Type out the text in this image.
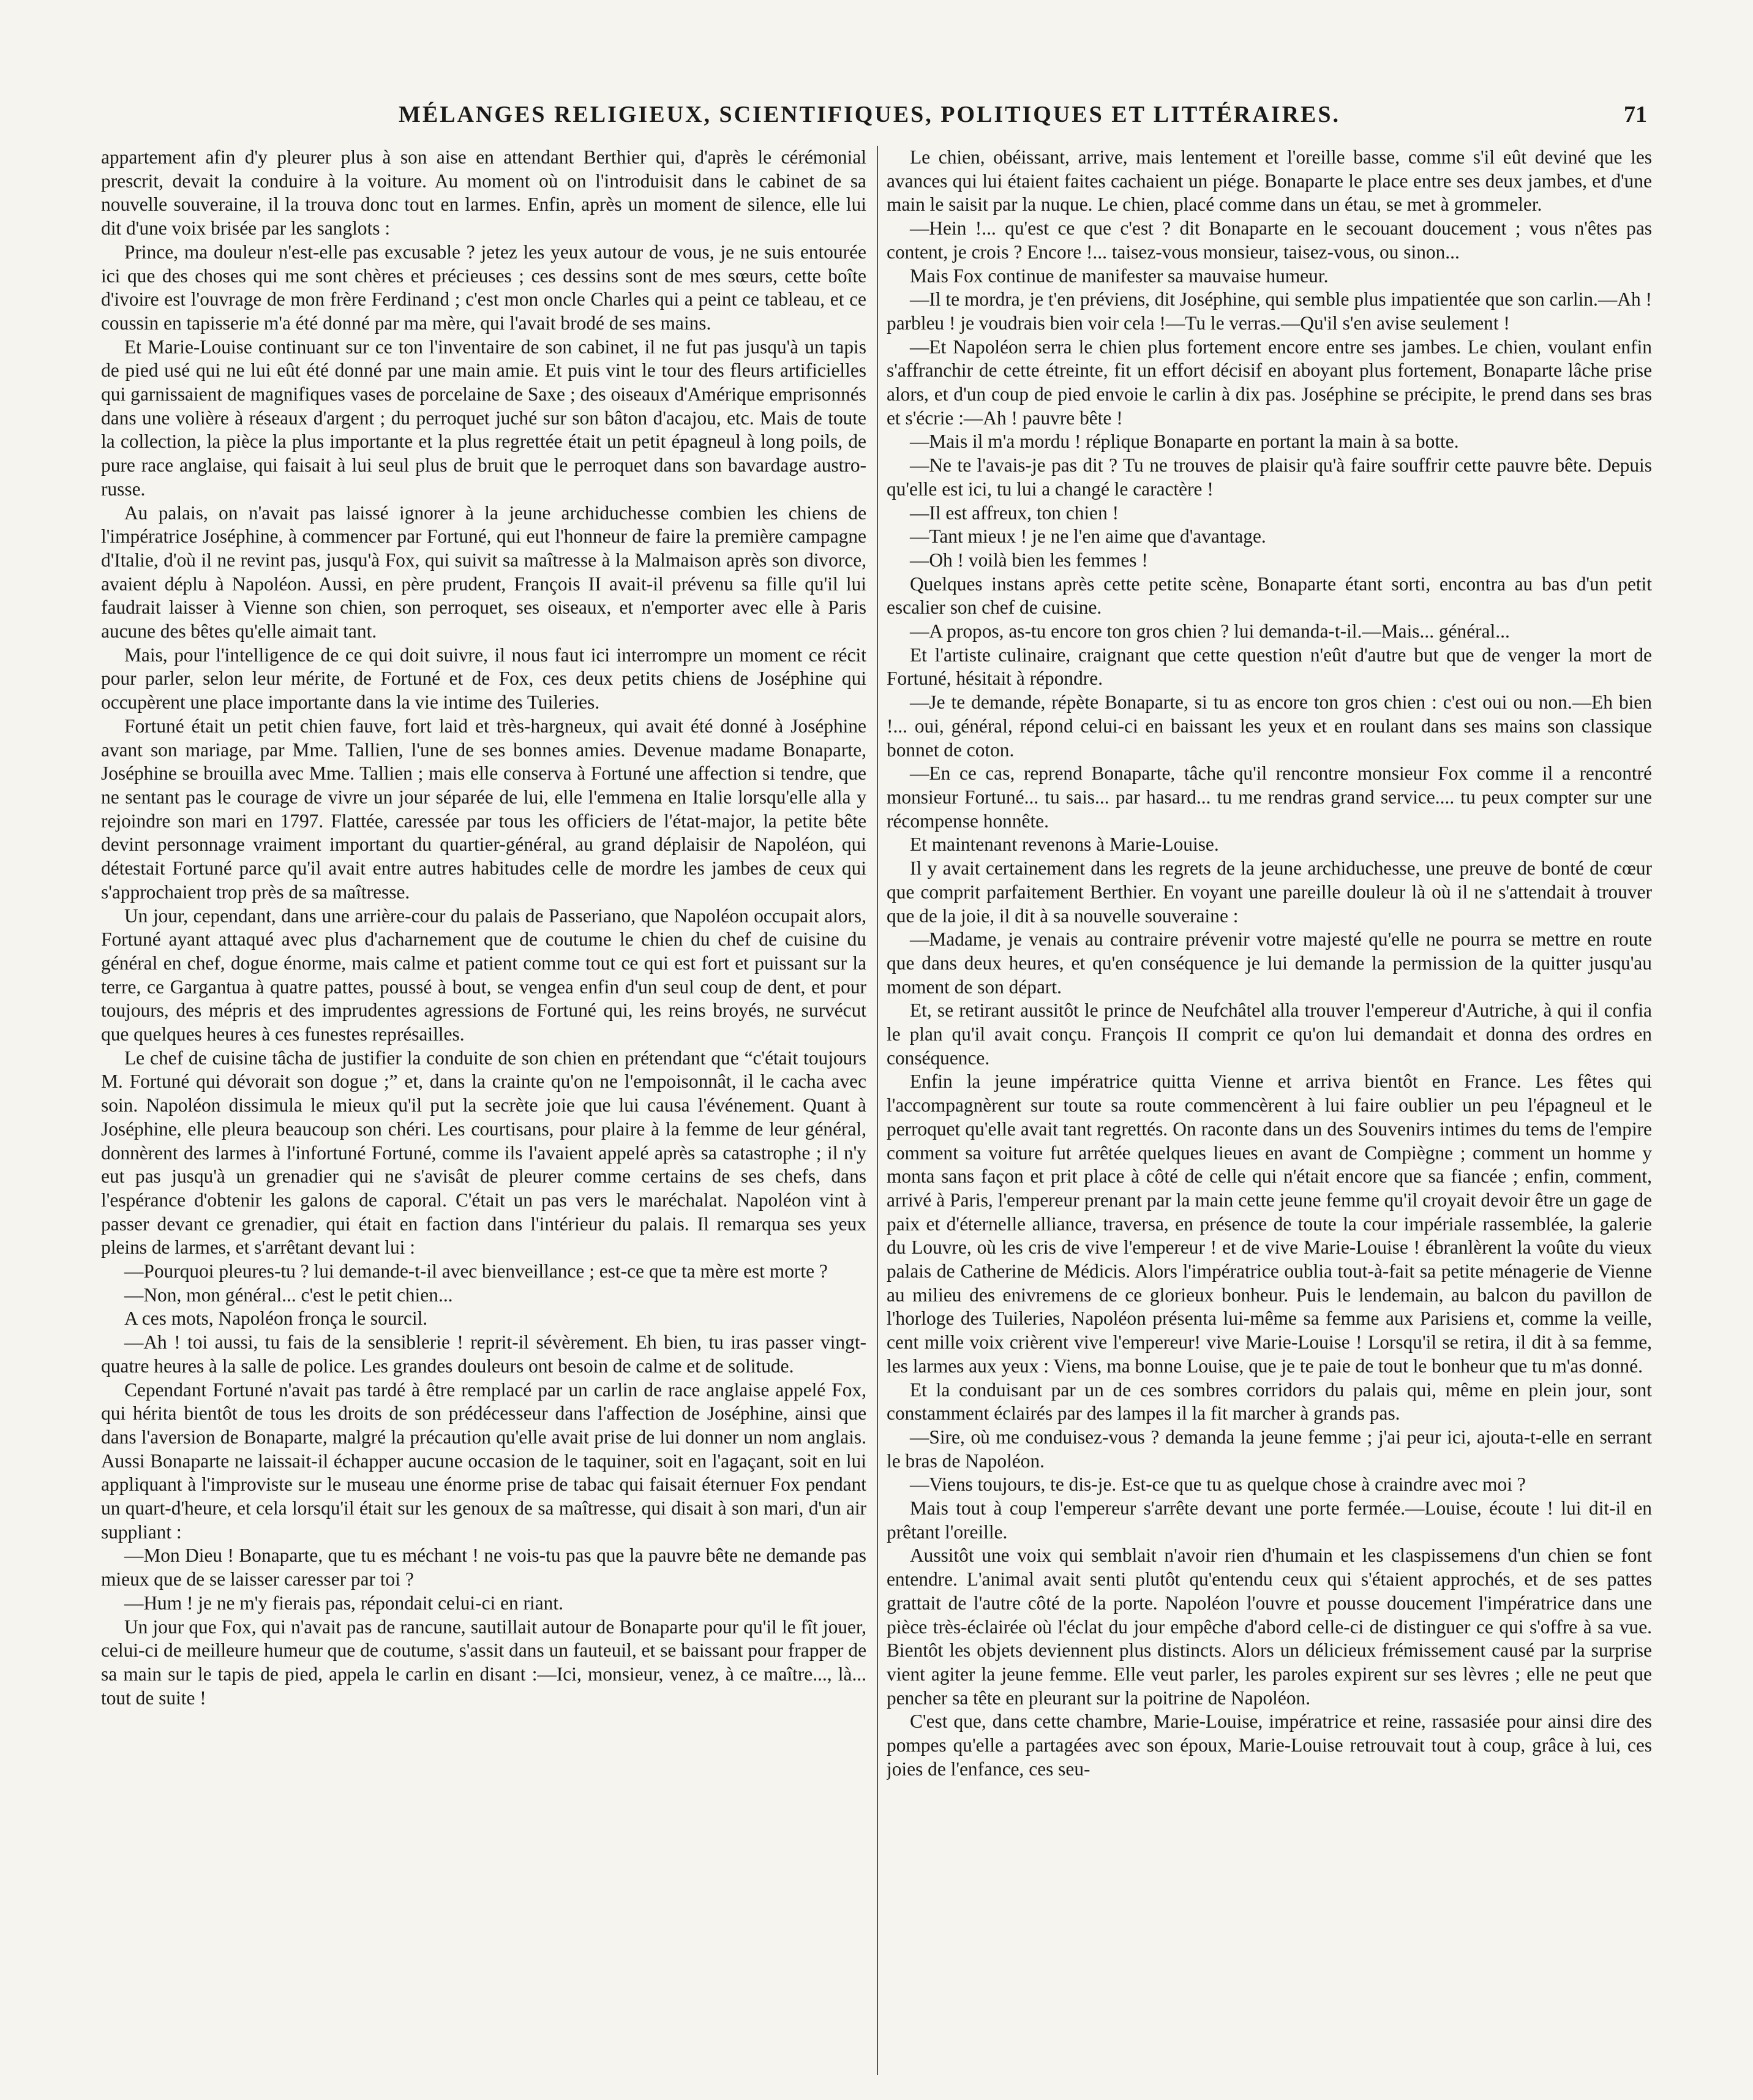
MÉLANGES RELIGIEUX, SCIENTIFIQUES, POLITIQUES ET LITTÉRAIRES.	71

appartement afin d'y pleurer plus à son aise en attendant Berthier qui, d'après le cérémonial prescrit, devait la conduire à la voiture. Au moment où on l'introduisit dans le cabinet de sa nouvelle souveraine, il la trouva donc tout en larmes. Enfin, après un moment de silence, elle lui dit d'une voix brisée par les sanglots :

Prince, ma douleur n'est-elle pas excusable ? jetez les yeux autour de vous, je ne suis entourée ici que des choses qui me sont chères et précieuses ; ces dessins sont de mes sœurs, cette boîte d'ivoire est l'ouvrage de mon frère Ferdinand ; c'est mon oncle Charles qui a peint ce tableau, et ce coussin en tapisserie m'a été donné par ma mère, qui l'avait brodé de ses mains.

Et Marie-Louise continuant sur ce ton l'inventaire de son cabinet, il ne fut pas jusqu'à un tapis de pied usé qui ne lui eût été donné par une main amie. Et puis vint le tour des fleurs artificielles qui garnissaient de magnifiques vases de porcelaine de Saxe ; des oiseaux d'Amérique emprisonnés dans une volière à réseaux d'argent ; du perroquet juché sur son bâton d'acajou, etc. Mais de toute la collection, la pièce la plus importante et la plus regrettée était un petit épagneul à long poils, de pure race anglaise, qui faisait à lui seul plus de bruit que le perroquet dans son bavardage austro-russe.

Au palais, on n'avait pas laissé ignorer à la jeune archiduchesse combien les chiens de l'impératrice Joséphine, à commencer par Fortuné, qui eut l'honneur de faire la première campagne d'Italie, d'où il ne revint pas, jusqu'à Fox, qui suivit sa maîtresse à la Malmaison après son divorce, avaient déplu à Napoléon. Aussi, en père prudent, François II avait-il prévenu sa fille qu'il lui faudrait laisser à Vienne son chien, son perroquet, ses oiseaux, et n'emporter avec elle à Paris aucune des bêtes qu'elle aimait tant.

Mais, pour l'intelligence de ce qui doit suivre, il nous faut ici interrompre un moment ce récit pour parler, selon leur mérite, de Fortuné et de Fox, ces deux petits chiens de Joséphine qui occupèrent une place importante dans la vie intime des Tuileries.

Fortuné était un petit chien fauve, fort laid et très-hargneux, qui avait été donné à Joséphine avant son mariage, par Mme. Tallien, l'une de ses bonnes amies. Devenue madame Bonaparte, Joséphine se brouilla avec Mme. Tallien ; mais elle conserva à Fortuné une affection si tendre, que ne sentant pas le courage de vivre un jour séparée de lui, elle l'emmena en Italie lorsqu'elle alla y rejoindre son mari en 1797. Flattée, caressée par tous les officiers de l'état-major, la petite bête devint personnage vraiment important du quartier-général, au grand déplaisir de Napoléon, qui détestait Fortuné parce qu'il avait entre autres habitudes celle de mordre les jambes de ceux qui s'approchaient trop près de sa maîtresse.

Un jour, cependant, dans une arrière-cour du palais de Passeriano, que Napoléon occupait alors, Fortuné ayant attaqué avec plus d'acharnement que de coutume le chien du chef de cuisine du général en chef, dogue énorme, mais calme et patient comme tout ce qui est fort et puissant sur la terre, ce Gargantua à quatre pattes, poussé à bout, se vengea enfin d'un seul coup de dent, et pour toujours, des mépris et des imprudentes agressions de Fortuné qui, les reins broyés, ne survécut que quelques heures à ces funestes représailles.

Le chef de cuisine tâcha de justifier la conduite de son chien en prétendant que “c'était toujours M. Fortuné qui dévorait son dogue ;” et, dans la crainte qu'on ne l'empoisonnât, il le cacha avec soin. Napoléon dissimula le mieux qu'il put la secrète joie que lui causa l'événement. Quant à Joséphine, elle pleura beaucoup son chéri. Les courtisans, pour plaire à la femme de leur général, donnèrent des larmes à l'infortuné Fortuné, comme ils l'avaient appelé après sa catastrophe ; il n'y eut pas jusqu'à un grenadier qui ne s'avisât de pleurer comme certains de ses chefs, dans l'espérance d'obtenir les galons de caporal. C'était un pas vers le maréchalat. Napoléon vint à passer devant ce grenadier, qui était en faction dans l'intérieur du palais. Il remarqua ses yeux pleins de larmes, et s'arrêtant devant lui :

—Pourquoi pleures-tu ? lui demande-t-il avec bienveillance ; est-ce que ta mère est morte ?

—Non, mon général... c'est le petit chien...

A ces mots, Napoléon fronça le sourcil.

—Ah ! toi aussi, tu fais de la sensiblerie ! reprit-il sévèrement. Eh bien, tu iras passer vingt-quatre heures à la salle de police. Les grandes douleurs ont besoin de calme et de solitude.

Cependant Fortuné n'avait pas tardé à être remplacé par un carlin de race anglaise appelé Fox, qui hérita bientôt de tous les droits de son prédécesseur dans l'affection de Joséphine, ainsi que dans l'aversion de Bonaparte, malgré la précaution qu'elle avait prise de lui donner un nom anglais. Aussi Bonaparte ne laissait-il échapper aucune occasion de le taquiner, soit en l'agaçant, soit en lui appliquant à l'improviste sur le museau une énorme prise de tabac qui faisait éternuer Fox pendant un quart-d'heure, et cela lorsqu'il était sur les genoux de sa maîtresse, qui disait à son mari, d'un air suppliant :

—Mon Dieu ! Bonaparte, que tu es méchant ! ne vois-tu pas que la pauvre bête ne demande pas mieux que de se laisser caresser par toi ?

—Hum ! je ne m'y fierais pas, répondait celui-ci en riant.

Un jour que Fox, qui n'avait pas de rancune, sautillait autour de Bonaparte pour qu'il le fît jouer, celui-ci de meilleure humeur que de coutume, s'assit dans un fauteuil, et se baissant pour frapper de sa main sur le tapis de pied, appela le carlin en disant :—Ici, monsieur, venez, à ce maître..., là... tout de suite !

Le chien, obéissant, arrive, mais lentement et l'oreille basse, comme s'il eût deviné que les avances qui lui étaient faites cachaient un piége. Bonaparte le place entre ses deux jambes, et d'une main le saisit par la nuque. Le chien, placé comme dans un étau, se met à grommeler.

—Hein !... qu'est ce que c'est ? dit Bonaparte en le secouant doucement ; vous n'êtes pas content, je crois ? Encore !... taisez-vous monsieur, taisez-vous, ou sinon...

Mais Fox continue de manifester sa mauvaise humeur.

—Il te mordra, je t'en préviens, dit Joséphine, qui semble plus impatientée que son carlin.—Ah ! parbleu ! je voudrais bien voir cela !—Tu le verras.—Qu'il s'en avise seulement !

—Et Napoléon serra le chien plus fortement encore entre ses jambes. Le chien, voulant enfin s'affranchir de cette étreinte, fit un effort décisif en aboyant plus fortement, Bonaparte lâche prise alors, et d'un coup de pied envoie le carlin à dix pas. Joséphine se précipite, le prend dans ses bras et s'écrie :—Ah ! pauvre bête !

—Mais il m'a mordu ! réplique Bonaparte en portant la main à sa botte.

—Ne te l'avais-je pas dit ? Tu ne trouves de plaisir qu'à faire souffrir cette pauvre bête. Depuis qu'elle est ici, tu lui a changé le caractère !

—Il est affreux, ton chien !

—Tant mieux ! je ne l'en aime que d'avantage.

—Oh ! voilà bien les femmes !

Quelques instans après cette petite scène, Bonaparte étant sorti, encontra au bas d'un petit escalier son chef de cuisine.

—A propos, as-tu encore ton gros chien ? lui demanda-t-il.—Mais... général...

Et l'artiste culinaire, craignant que cette question n'eût d'autre but que de venger la mort de Fortuné, hésitait à répondre.

—Je te demande, répète Bonaparte, si tu as encore ton gros chien : c'est oui ou non.—Eh bien !... oui, général, répond celui-ci en baissant les yeux et en roulant dans ses mains son classique bonnet de coton.

—En ce cas, reprend Bonaparte, tâche qu'il rencontre monsieur Fox comme il a rencontré monsieur Fortuné... tu sais... par hasard... tu me rendras grand service.... tu peux compter sur une récompense honnête.

Et maintenant revenons à Marie-Louise.

Il y avait certainement dans les regrets de la jeune archiduchesse, une preuve de bonté de cœur que comprit parfaitement Berthier. En voyant une pareille douleur là où il ne s'attendait à trouver que de la joie, il dit à sa nouvelle souveraine :

—Madame, je venais au contraire prévenir votre majesté qu'elle ne pourra se mettre en route que dans deux heures, et qu'en conséquence je lui demande la permission de la quitter jusqu'au moment de son départ.

Et, se retirant aussitôt le prince de Neufchâtel alla trouver l'empereur d'Autriche, à qui il confia le plan qu'il avait conçu. François II comprit ce qu'on lui demandait et donna des ordres en conséquence.

Enfin la jeune impératrice quitta Vienne et arriva bientôt en France. Les fêtes qui l'accompagnèrent sur toute sa route commencèrent à lui faire oublier un peu l'épagneul et le perroquet qu'elle avait tant regrettés. On raconte dans un des Souvenirs intimes du tems de l'empire comment sa voiture fut arrêtée quelques lieues en avant de Compiègne ; comment un homme y monta sans façon et prit place à côté de celle qui n'était encore que sa fiancée ; enfin, comment, arrivé à Paris, l'empereur prenant par la main cette jeune femme qu'il croyait devoir être un gage de paix et d'éternelle alliance, traversa, en présence de toute la cour impériale rassemblée, la galerie du Louvre, où les cris de vive l'empereur ! et de vive Marie-Louise ! ébranlèrent la voûte du vieux palais de Catherine de Médicis. Alors l'impératrice oublia tout-à-fait sa petite ménagerie de Vienne au milieu des enivremens de ce glorieux bonheur. Puis le lendemain, au balcon du pavillon de l'horloge des Tuileries, Napoléon présenta lui-même sa femme aux Parisiens et, comme la veille, cent mille voix crièrent vive l'empereur! vive Marie-Louise ! Lorsqu'il se retira, il dit à sa femme, les larmes aux yeux : Viens, ma bonne Louise, que je te paie de tout le bonheur que tu m'as donné.

Et la conduisant par un de ces sombres corridors du palais qui, même en plein jour, sont constamment éclairés par des lampes il la fit marcher à grands pas.

—Sire, où me conduisez-vous ? demanda la jeune femme ; j'ai peur ici, ajouta-t-elle en serrant le bras de Napoléon.

—Viens toujours, te dis-je. Est-ce que tu as quelque chose à craindre avec moi ?

Mais tout à coup l'empereur s'arrête devant une porte fermée.—Louise, écoute ! lui dit-il en prêtant l'oreille.

Aussitôt une voix qui semblait n'avoir rien d'humain et les claspissemens d'un chien se font entendre. L'animal avait senti plutôt qu'entendu ceux qui s'étaient approchés, et de ses pattes grattait de l'autre côté de la porte. Napoléon l'ouvre et pousse doucement l'impératrice dans une pièce très-éclairée où l'éclat du jour empêche d'abord celle-ci de distinguer ce qui s'offre à sa vue. Bientôt les objets deviennent plus distincts. Alors un délicieux frémissement causé par la surprise vient agiter la jeune femme. Elle veut parler, les paroles expirent sur ses lèvres ; elle ne peut que pencher sa tête en pleurant sur la poitrine de Napoléon.

C'est que, dans cette chambre, Marie-Louise, impératrice et reine, rassasiée pour ainsi dire des pompes qu'elle a partagées avec son époux, Marie-Louise retrouvait tout à coup, grâce à lui, ces joies de l'enfance, ces seu-
